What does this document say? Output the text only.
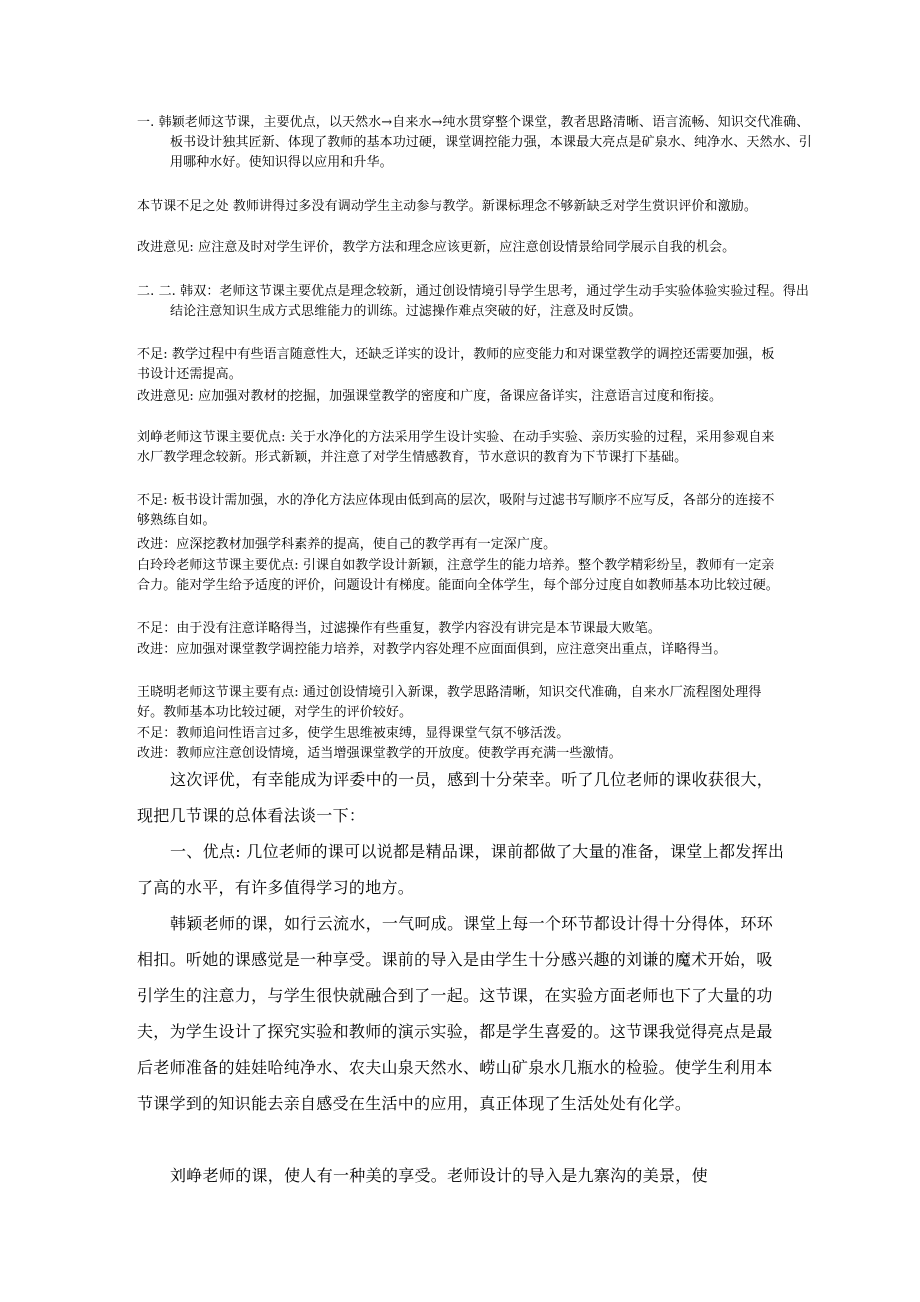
一. 韩颖老师这节课，主要优点，以天然水→自来水→纯水贯穿整个课堂，教者思路清晰、语言流畅、知识交代准确、板书设计独其匠新、体现了教师的基本功过硬，课堂调控能力强，本课最大亮点是矿泉水、纯净水、天然水、引用哪种水好。使知识得以应用和升华。

本节课不足之处 教师讲得过多没有调动学生主动参与教学。新课标理念不够新缺乏对学生赏识评价和激励。

改进意见: 应注意及时对学生评价，教学方法和理念应该更新，应注意创设情景给同学展示自我的机会。

二. 二. 韩双：老师这节课主要优点是理念较新，通过创设情境引导学生思考，通过学生动手实验体验实验过程。得出结论注意知识生成方式思维能力的训练。过滤操作难点突破的好，注意及时反馈。

不足: 教学过程中有些语言随意性大，还缺乏详实的设计，教师的应变能力和对课堂教学的调控还需要加强，板书设计还需提高。

改进意见: 应加强对教材的挖掘，加强课堂教学的密度和广度，备课应备详实，注意语言过度和衔接。

刘峥老师这节课主要优点: 关于水净化的方法采用学生设计实验、在动手实验、亲历实验的过程，采用参观自来水厂教学理念较新。形式新颖，并注意了对学生情感教育，节水意识的教育为下节课打下基础。

不足: 板书设计需加强，水的净化方法应体现由低到高的层次，吸附与过滤书写顺序不应写反，各部分的连接不够熟练自如。

改进：应深挖教材加强学科素养的提高，使自己的教学再有一定深广度。

白玲玲老师这节课主要优点: 引课自如教学设计新颖，注意学生的能力培养。整个教学精彩纷呈，教师有一定亲合力。能对学生给予适度的评价，问题设计有梯度。能面向全体学生，每个部分过度自如教师基本功比较过硬。

不足：由于没有注意详略得当，过滤操作有些重复，教学内容没有讲完是本节课最大败笔。

改进：应加强对课堂教学调控能力培养，对教学内容处理不应面面俱到，应注意突出重点，详略得当。

王晓明老师这节课主要有点: 通过创设情境引入新课，教学思路清晰，知识交代准确，自来水厂流程图处理得好。教师基本功比较过硬，对学生的评价较好。

不足：教师追问性语言过多，使学生思维被束缚，显得课堂气氛不够活泼。

改进：教师应注意创设情境，适当增强课堂教学的开放度。使教学再充满一些激情。

这次评优，有幸能成为评委中的一员，感到十分荣幸。听了几位老师的课收获很大，现把几节课的总体看法谈一下：

一、优点: 几位老师的课可以说都是精品课，课前都做了大量的准备，课堂上都发挥出了高的水平，有许多值得学习的地方。

韩颖老师的课，如行云流水，一气呵成。课堂上每一个环节都设计得十分得体，环环相扣。听她的课感觉是一种享受。课前的导入是由学生十分感兴趣的刘谦的魔术开始，吸引学生的注意力，与学生很快就融合到了一起。这节课，在实验方面老师也下了大量的功夫，为学生设计了探究实验和教师的演示实验，都是学生喜爱的。这节课我觉得亮点是最后老师准备的娃娃哈纯净水、农夫山泉天然水、崂山矿泉水几瓶水的检验。使学生利用本节课学到的知识能去亲自感受在生活中的应用，真正体现了生活处处有化学。

刘峥老师的课，使人有一种美的享受。老师设计的导入是九寨沟的美景，使
